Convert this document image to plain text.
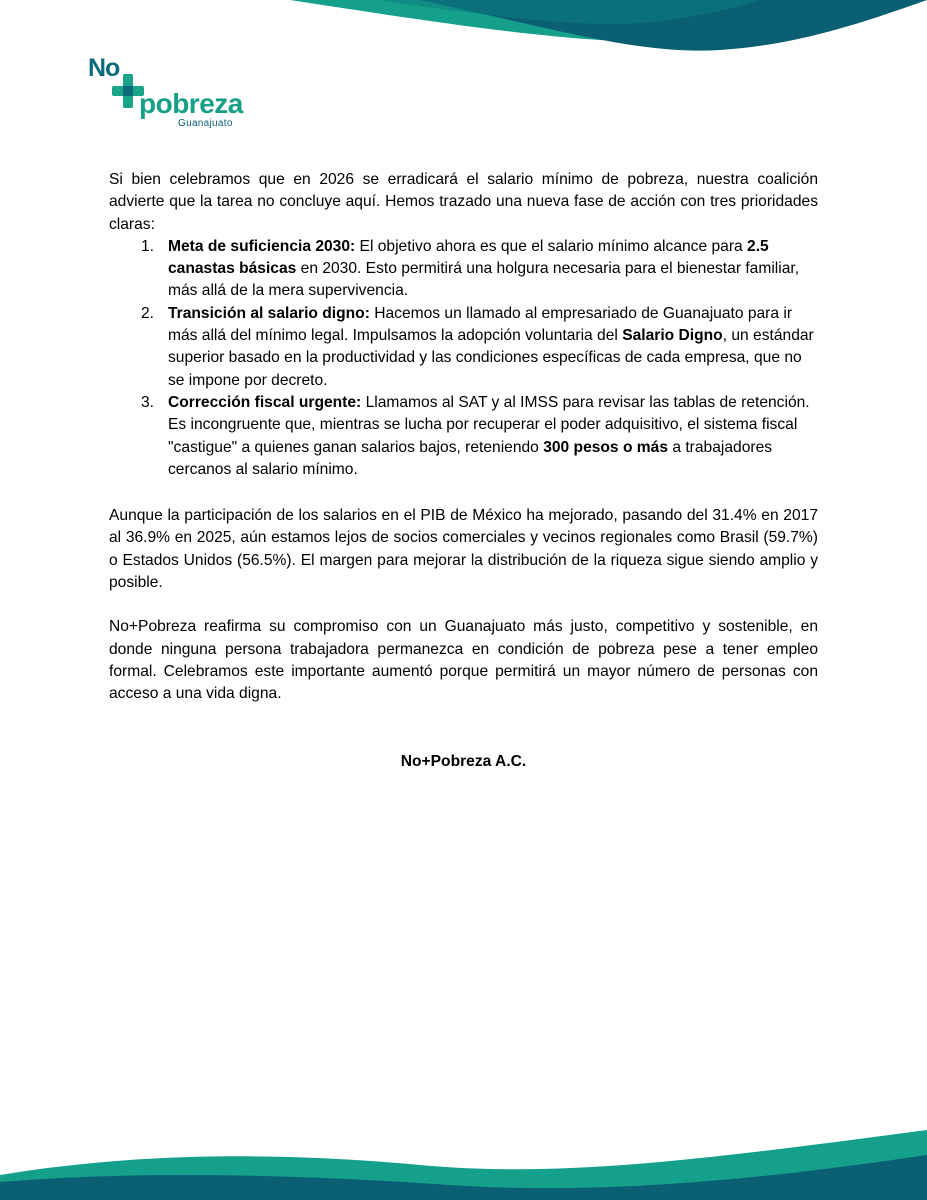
No
pobreza
Guanajuato

Si bien celebramos que en 2026 se erradicará el salario mínimo de pobreza, nuestra coalición advierte que la tarea no concluye aquí. Hemos trazado una nueva fase de acción con tres prioridades claras:

1. Meta de suficiencia 2030: El objetivo ahora es que el salario mínimo alcance para 2.5 canastas básicas en 2030. Esto permitirá una holgura necesaria para el bienestar familiar, más allá de la mera supervivencia.
2. Transición al salario digno: Hacemos un llamado al empresariado de Guanajuato para ir más allá del mínimo legal. Impulsamos la adopción voluntaria del Salario Digno, un estándar superior basado en la productividad y las condiciones específicas de cada empresa, que no se impone por decreto.
3. Corrección fiscal urgente: Llamamos al SAT y al IMSS para revisar las tablas de retención. Es incongruente que, mientras se lucha por recuperar el poder adquisitivo, el sistema fiscal "castigue" a quienes ganan salarios bajos, reteniendo 300 pesos o más a trabajadores cercanos al salario mínimo.

Aunque la participación de los salarios en el PIB de México ha mejorado, pasando del 31.4% en 2017 al 36.9% en 2025, aún estamos lejos de socios comerciales y vecinos regionales como Brasil (59.7%) o Estados Unidos (56.5%). El margen para mejorar la distribución de la riqueza sigue siendo amplio y posible.

No+Pobreza reafirma su compromiso con un Guanajuato más justo, competitivo y sostenible, en donde ninguna persona trabajadora permanezca en condición de pobreza pese a tener empleo formal. Celebramos este importante aumentó porque permitirá un mayor número de personas con acceso a una vida digna.

No+Pobreza A.C.
